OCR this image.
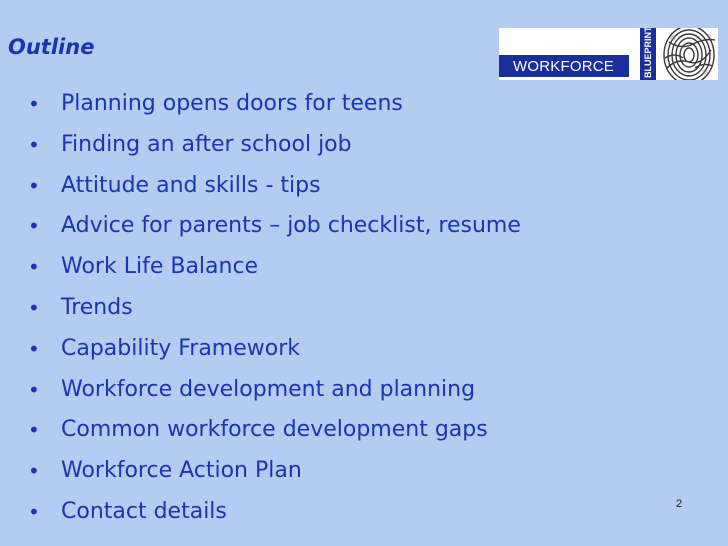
Outline
WORKFORCE	BLUEPRINT
• Planning opens doors for teens
• Finding an after school job
• Attitude and skills - tips
• Advice for parents – job checklist, resume
• Work Life Balance
• Trends
• Capability Framework
• Workforce development and planning
• Common workforce development gaps
• Workforce Action Plan
• Contact details	2
